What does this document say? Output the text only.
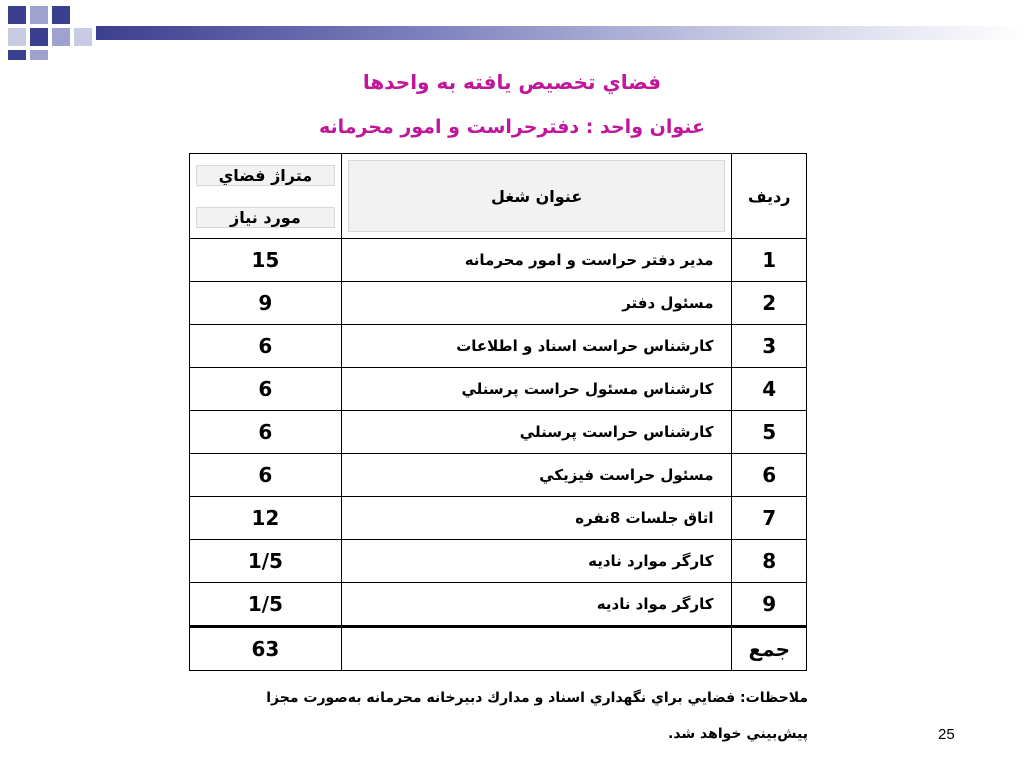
فضاي تخصيص يافته به واحدها
عنوان واحد : دفترحراست و امور محرمانه
رديف	عنوان شغل	متراژ فضاي
مورد نياز

1	مدير دفتر حراست و امور محرمانه	15
2	مسئول دفتر	9
3	كارشناس حراست اسناد و اطلاعات	6
4	كارشناس مسئول حراست پرسنلي	6
5	كارشناس حراست پرسنلي	6
6	مسئول حراست فيزيكي	6
7	اتاق جلسات 8نفره	12
8	كارگر موارد ناديه	1/5
9	كارگر مواد ناديه	1/5
جمع		63
ملاحظات: فضايي براي نگهداري اسناد و مدارك دبيرخانه محرمانه به‌صورت مجزا
پيش‌بيني خواهد شد.	25
